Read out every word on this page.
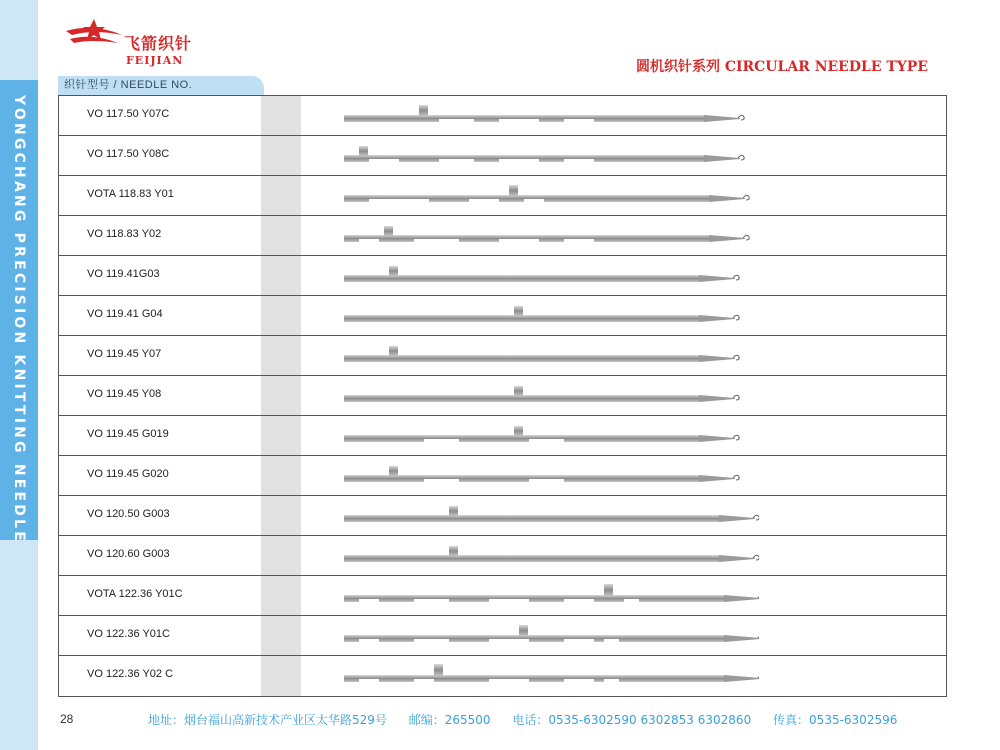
YONGCHANG PRECISION KNITTING NEEDLE
飞箭织针
FEIJIAN	圆机织针系列 CIRCULAR NEEDLE TYPE
织针型号 / NEEDLE NO.
VO 117.50 Y07C
VO 117.50 Y08C
VOTA 118.83 Y01
VO 118.83 Y02
VO 119.41G03
VO 119.41 G04
VO 119.45 Y07
VO 119.45 Y08
VO 119.45 G019
VO 119.45 G020
VO 120.50 G003
VO 120.60 G003
VOTA 122.36 Y01C
VO 122.36 Y01C
VO 122.36 Y02 C
28	地址：烟台福山高新技术产业区太华路529号 邮编：265500 电话：0535-6302590 6302853 6302860 传真：0535-6302596
